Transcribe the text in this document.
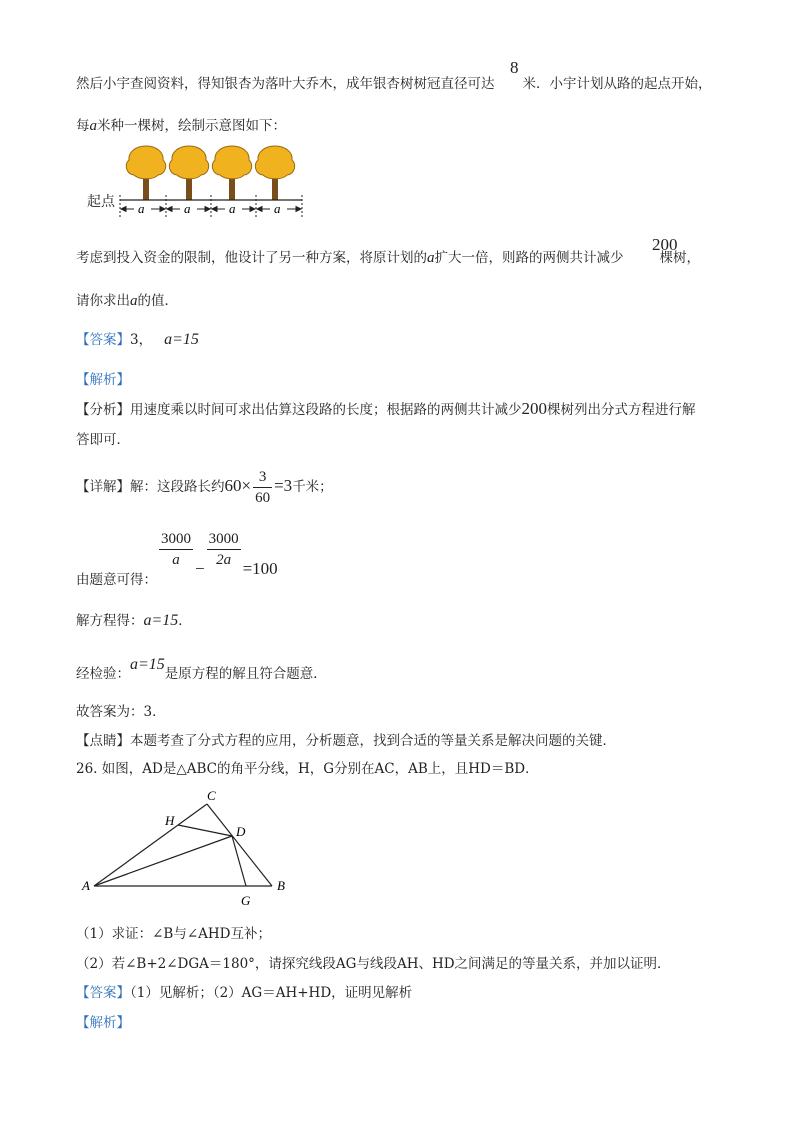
然后小宇查阅资料，得知银杏为落叶大乔木，成年银杏树树冠直径可达 米．小宇计划从路的起点开始，
8
每a米种一棵树，绘制示意图如下：
a	a	a	a
起点
考虑到投入资金的限制，他设计了另一种方案，将原计划的a扩大一倍，则路的两侧共计减少	棵树，
200
请你求出a的值．
【答案】3， a=15
【解析】
【分析】用速度乘以时间可求出估算这段路的长度；根据路的两侧共计减少200棵树列出分式方程进行解
答即可．
【详解】解：这段路长约$60\times \frac{3}{60} =3$千米；
由题意可得：
$\frac{3000}{a} - \frac{3000}{2a} =100$
解方程得：a=15．
经检验：a=15是原方程的解且符合题意．
故答案为：3．
【点睛】本题考查了分式方程的应用，分析题意，找到合适的等量关系是解决问题的关键．
26. 如图，AD是△ABC的角平分线，H，G分别在AC，AB上，且HD＝BD．
A	B
C
D
G
H
（1）求证：∠B与∠AHD互补；
（2）若∠B+2∠DGA＝180°，请探究线段AG与线段AH、HD之间满足的等量关系，并加以证明．
【答案】（1）见解析；（2）AG＝AH+HD，证明见解析
【解析】
